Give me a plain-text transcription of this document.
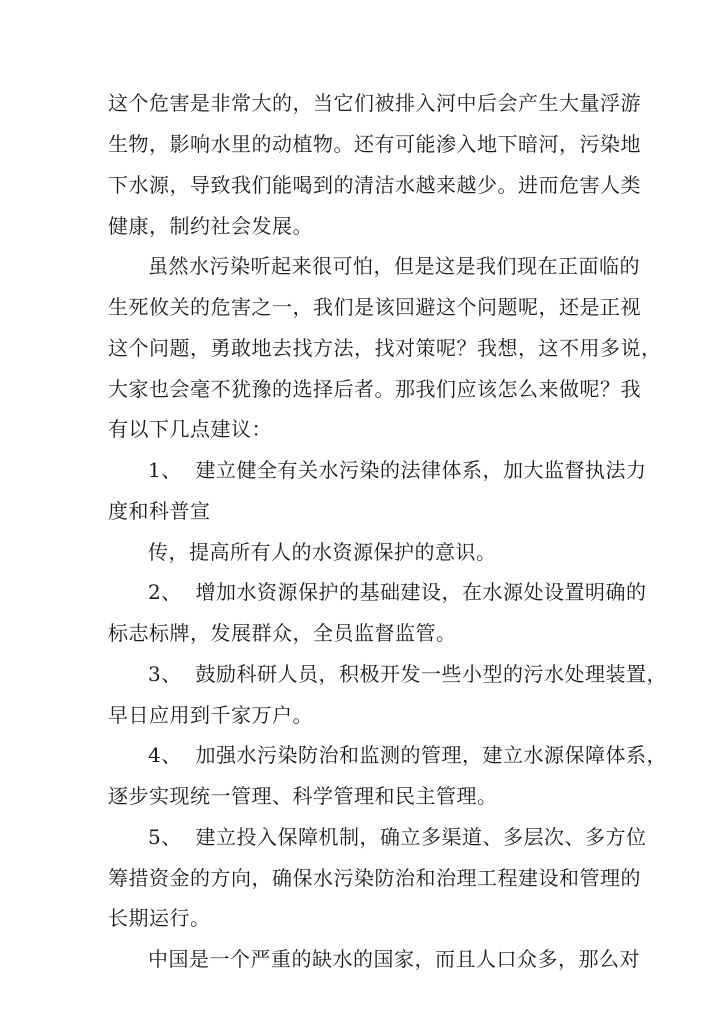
这个危害是非常大的，当它们被排入河中后会产生大量浮游
生物，影响水里的动植物。还有可能渗入地下暗河，污染地
下水源，导致我们能喝到的清洁水越来越少。进而危害人类
健康，制约社会发展。
虽然水污染听起来很可怕，但是这是我们现在正面临的
生死攸关的危害之一，我们是该回避这个问题呢，还是正视
这个问题，勇敢地去找方法，找对策呢？我想，这不用多说，
大家也会毫不犹豫的选择后者。那我们应该怎么来做呢？我
有以下几点建议：
1、  建立健全有关水污染的法律体系，加大监督执法力
度和科普宣
传，提高所有人的水资源保护的意识。
2、  增加水资源保护的基础建设，在水源处设置明确的
标志标牌，发展群众，全员监督监管。
3、  鼓励科研人员，积极开发一些小型的污水处理装置，
早日应用到千家万户。
4、  加强水污染防治和监测的管理，建立水源保障体系，
逐步实现统一管理、科学管理和民主管理。
5、  建立投入保障机制，确立多渠道、多层次、多方位
筹措资金的方向，确保水污染防治和治理工程建设和管理的
长期运行。
中国是一个严重的缺水的国家，而且人口众多，那么对
